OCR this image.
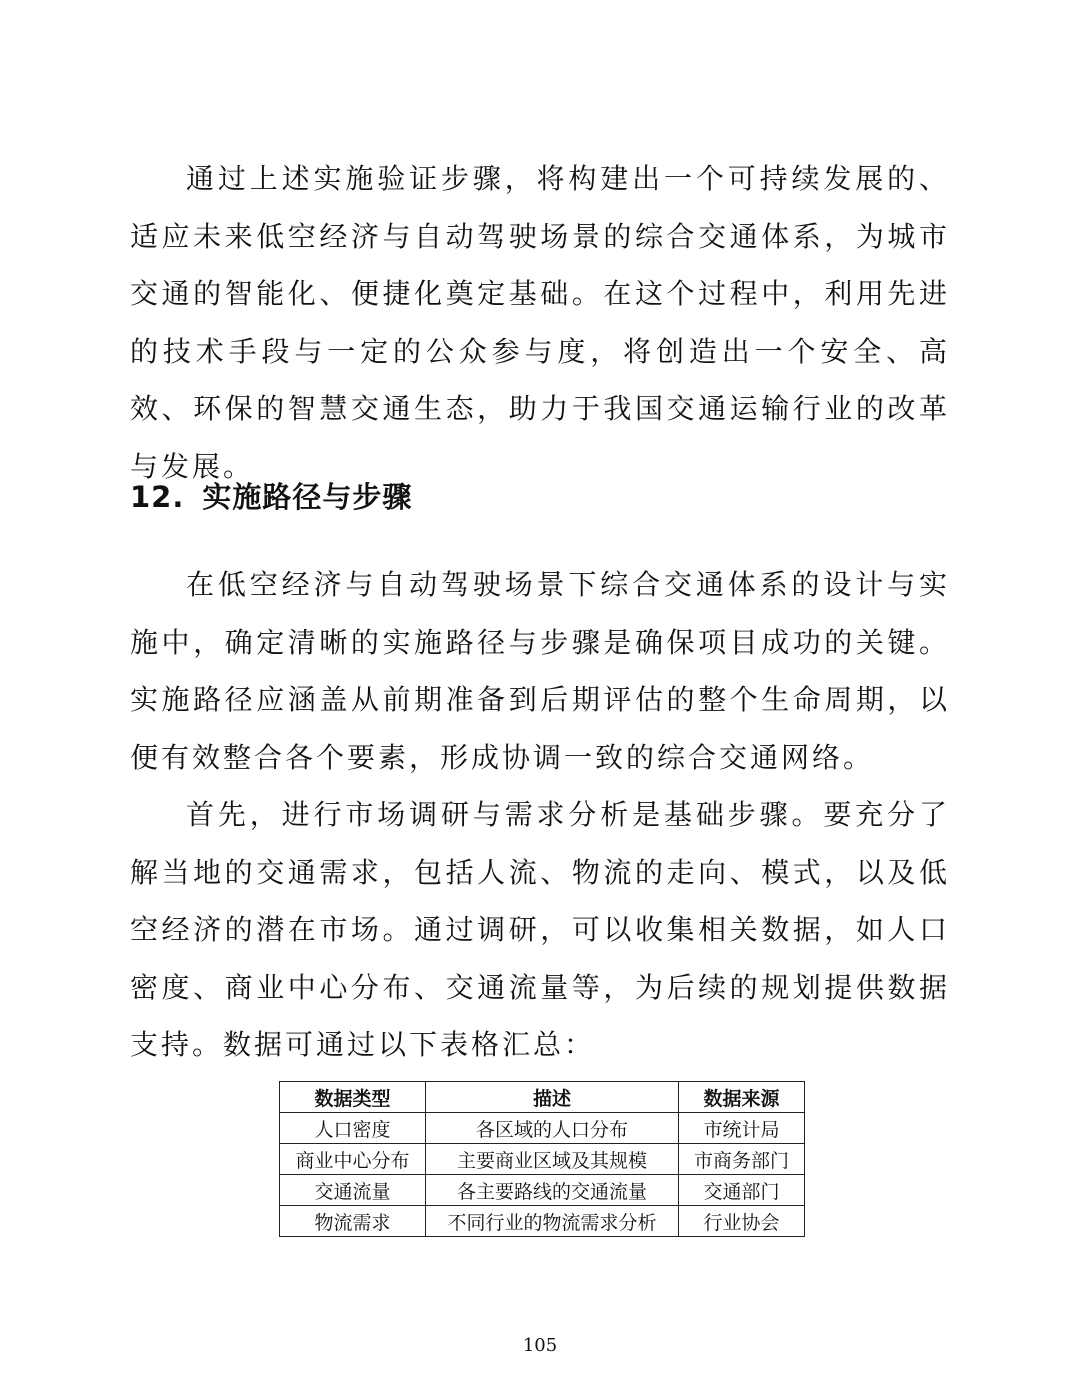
通过上述实施验证步骤，将构建出一个可持续发展的、适应未来低空经济与自动驾驶场景的综合交通体系，为城市交通的智能化、便捷化奠定基础。在这个过程中，利用先进的技术手段与一定的公众参与度，将创造出一个安全、高效、环保的智慧交通生态，助力于我国交通运输行业的改革与发展。

12. 实施路径与步骤

在低空经济与自动驾驶场景下综合交通体系的设计与实施中，确定清晰的实施路径与步骤是确保项目成功的关键。实施路径应涵盖从前期准备到后期评估的整个生命周期，以便有效整合各个要素，形成协调一致的综合交通网络。

首先，进行市场调研与需求分析是基础步骤。要充分了解当地的交通需求，包括人流、物流的走向、模式，以及低空经济的潜在市场。通过调研，可以收集相关数据，如人口密度、商业中心分布、交通流量等，为后续的规划提供数据支持。数据可通过以下表格汇总：

数据类型	描述	数据来源
人口密度	各区域的人口分布	市统计局
商业中心分布	主要商业区域及其规模	市商务部门
交通流量	各主要路线的交通流量	交通部门
物流需求	不同行业的物流需求分析	行业协会
105
